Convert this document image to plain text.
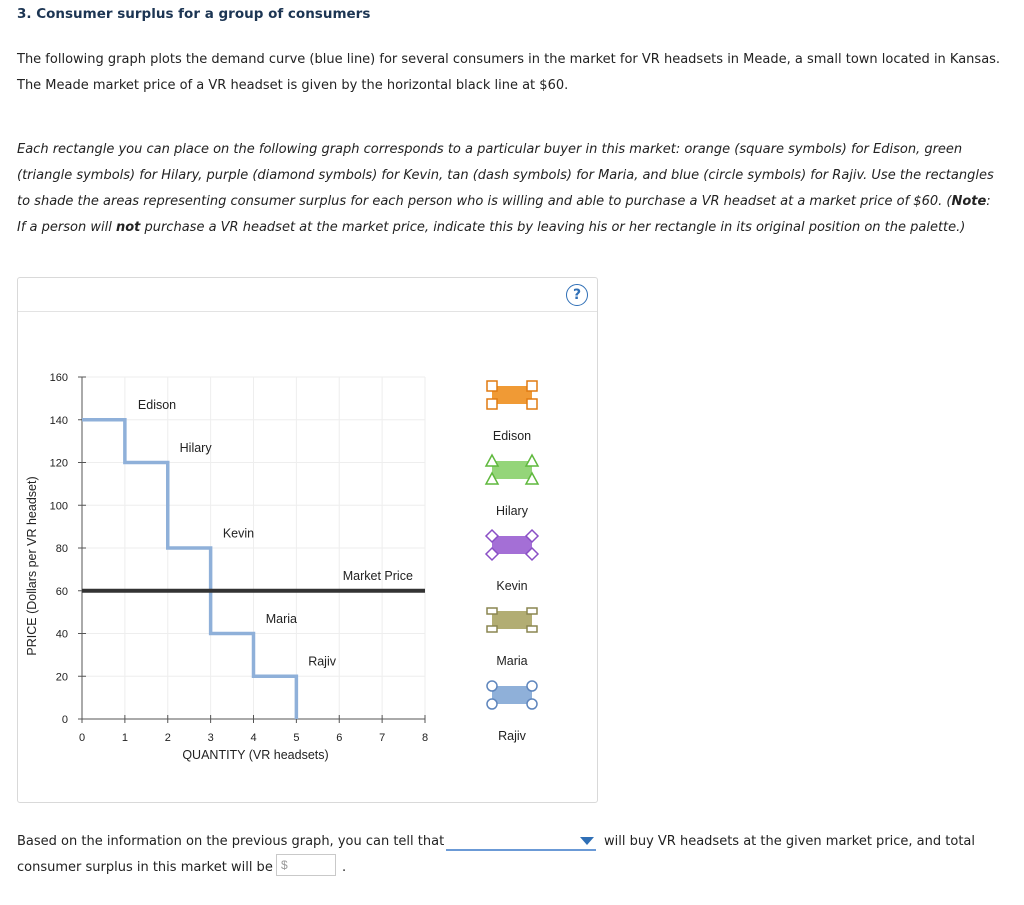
3. Consumer surplus for a group of consumers
The following graph plots the demand curve (blue line) for several consumers in the market for VR headsets in Meade, a small town located in Kansas.
The Meade market price of a VR headset is given by the horizontal black line at $60.
Each rectangle you can place on the following graph corresponds to a particular buyer in this market: orange (square symbols) for Edison, green (triangle symbols) for Hilary, purple (diamond symbols) for Kevin, tan (dash symbols) for Maria, and blue (circle symbols) for Rajiv. Use the rectangles to shade the areas representing consumer surplus for each person who is willing and able to purchase a VR headset at a market price of $60. (Note: If a person will not purchase a VR headset at the market price, indicate this by leaving his or her rectangle in its original position on the palette.)
?
0	1	2	3	4	5	6	7	8
0
20
40
60
80
100
120
140
160
QUANTITY (VR headsets)
PRICE (Dollars per VR headset)
Edison
Hilary
Kevin
Maria
Rajiv
Market Price
Edison
Hilary
Kevin
Maria
Rajiv
Based on the information on the previous graph, you can tell that	will buy VR headsets at the given market price, and total
consumer surplus in this market will be $	.
